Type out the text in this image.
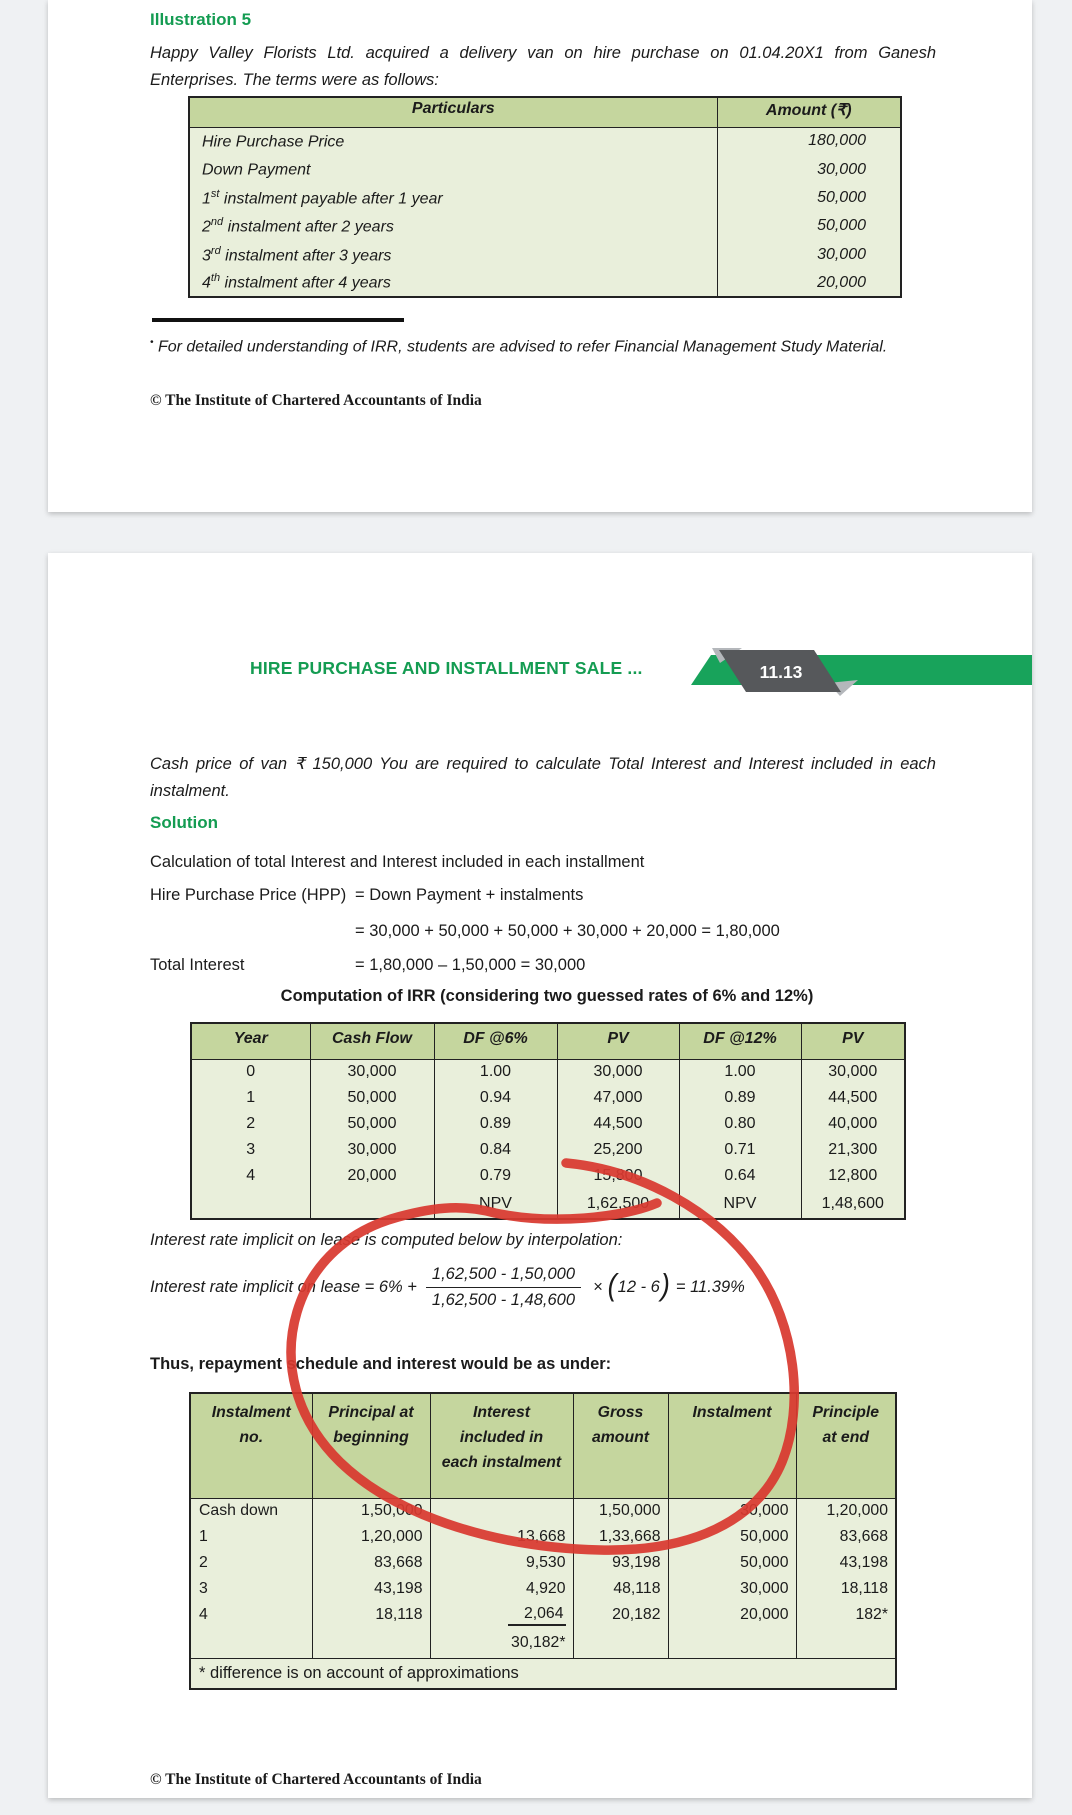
Illustration 5
Happy Valley Florists Ltd. acquired a delivery van on hire purchase on 01.04.20X1 from Ganesh Enterprises. The terms were as follows:
Particulars	Amount (₹)
Hire Purchase Price	180,000
Down Payment	30,000
1st instalment payable after 1 year	50,000
2nd instalment after 2 years	50,000
3rd instalment after 3 years	30,000
4th instalment after 4 years	20,000
• For detailed understanding of IRR, students are advised to refer Financial Management Study Material.
© The Institute of Chartered Accountants of India
11.13
HIRE PURCHASE AND INSTALLMENT SALE ...
Cash price of van ₹ 150,000 You are required to calculate Total Interest and Interest included in each instalment.
Solution
Calculation of total Interest and Interest included in each installment
Hire Purchase Price (HPP) = Down Payment + instalments
= 30,000 + 50,000 + 50,000 + 30,000 + 20,000 = 1,80,000
Total Interest	= 1,80,000 – 1,50,000 = 30,000
Computation of IRR (considering two guessed rates of 6% and 12%)
Year	Cash Flow	DF @6%	PV	DF @12%	PV
0	30,000	1.00	30,000	1.00	30,000
1	50,000	0.94	47,000	0.89	44,500
2	50,000	0.89	44,500	0.80	40,000
3	30,000	0.84	25,200	0.71	21,300
4	20,000	0.79	15,800	0.64	12,800
		NPV	1,62,500	NPV	1,48,600
Interest rate implicit on lease is computed below by interpolation:
Interest rate implicit on lease = $6\% + \frac{1,62,500 - 1,50,000}{1,62,500 - 1,48,600}$ × ( 12 - 6 ) = 11.39%
Thus, repayment schedule and interest would be as under:
Instalment no.	Principal at beginning	Interest included in each instalment	Gross amount	Instalment	Principle at end
Cash down	1,50,000		1,50,000	30,000	1,20,000
1	1,20,000	13,668	1,33,668	50,000	83,668
2	83,668	9,530	93,198	50,000	43,198
3	43,198	4,920	48,118	30,000	18,118
4	18,118	2,064	20,182	20,000	182*
		30,182*			
* difference is on account of approximations					
© The Institute of Chartered Accountants of India
